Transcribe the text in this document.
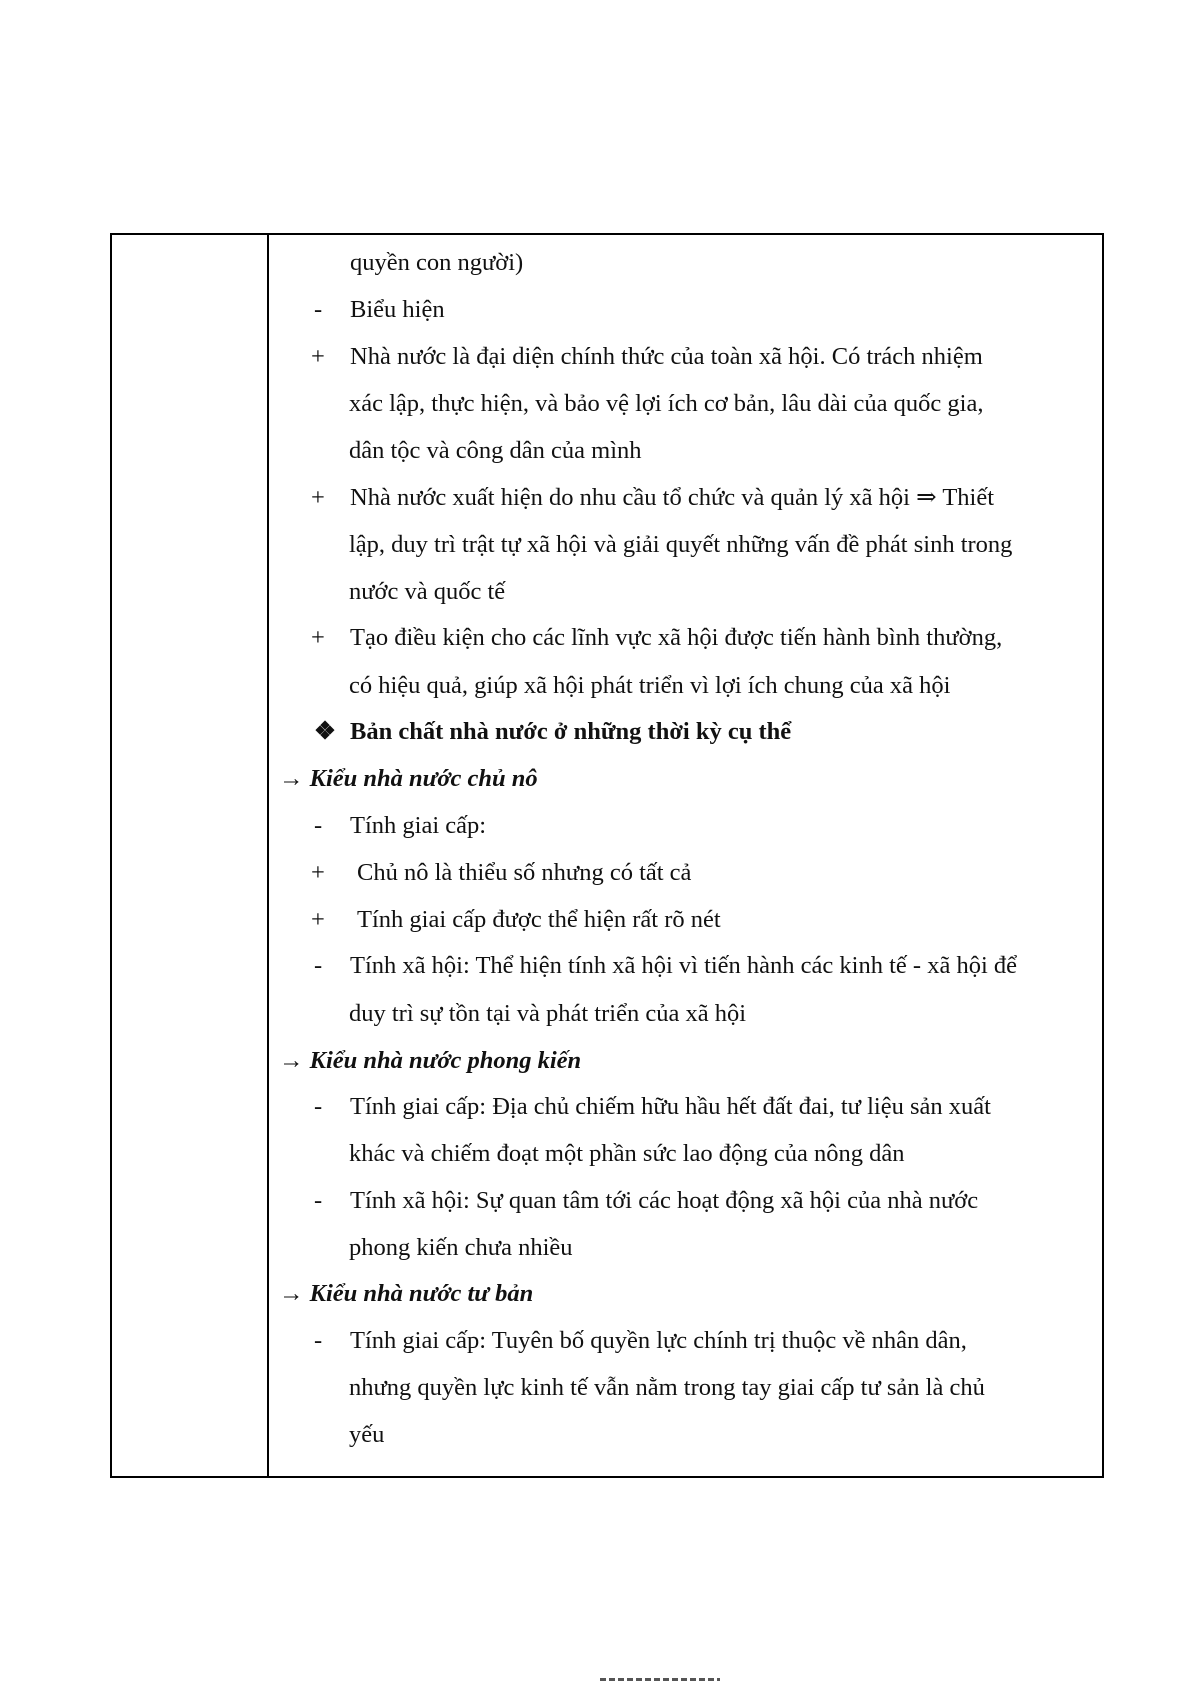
quyền con người)
- Biểu hiện
+ Nhà nước là đại diện chính thức của toàn xã hội. Có trách nhiệm
xác lập, thực hiện, và bảo vệ lợi ích cơ bản, lâu dài của quốc gia,
dân tộc và công dân của mình
+ Nhà nước xuất hiện do nhu cầu tổ chức và quản lý xã hội ⇒ Thiết
lập, duy trì trật tự xã hội và giải quyết những vấn đề phát sinh trong
nước và quốc tế
+ Tạo điều kiện cho các lĩnh vực xã hội được tiến hành bình thường,
có hiệu quả, giúp xã hội phát triển vì lợi ích chung của xã hội
❖ Bản chất nhà nước ở những thời kỳ cụ thể
→ Kiểu nhà nước chủ nô
- Tính giai cấp:
+ Chủ nô là thiểu số nhưng có tất cả
+ Tính giai cấp được thể hiện rất rõ nét
- Tính xã hội: Thể hiện tính xã hội vì tiến hành các kinh tế - xã hội để
duy trì sự tồn tại và phát triển của xã hội
→ Kiểu nhà nước phong kiến
- Tính giai cấp: Địa chủ chiếm hữu hầu hết đất đai, tư liệu sản xuất
khác và chiếm đoạt một phần sức lao động của nông dân
- Tính xã hội: Sự quan tâm tới các hoạt động xã hội của nhà nước
phong kiến chưa nhiều
→ Kiểu nhà nước tư bản
- Tính giai cấp: Tuyên bố quyền lực chính trị thuộc về nhân dân,
nhưng quyền lực kinh tế vẫn nằm trong tay giai cấp tư sản là chủ
yếu
